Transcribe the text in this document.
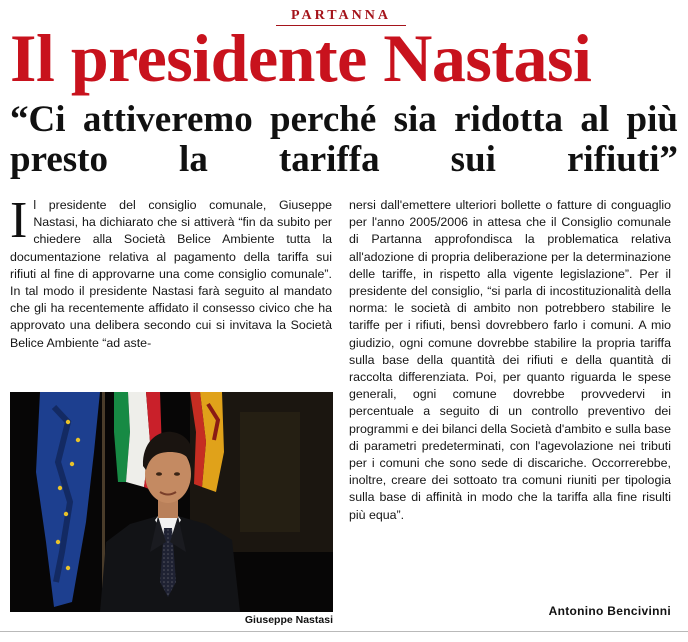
PARTANNA
Il presidente Nastasi
“Ci attiveremo perché sia ridotta al più presto la tariffa sui rifiuti”
I l presidente del consiglio comunale, Giuseppe Nastasi, ha dichiarato che si attiverà “fin da subito per chiedere alla Società Belice Ambiente tutta la documentazione relativa al pagamento della tariffa sui rifiuti al fine di approvarne una come consiglio comunale”. In tal modo il presidente Nastasi farà seguito al mandato che gli ha recentemente affidato il consesso civico che ha approvato una delibera secondo cui si invitava la Società Belice Ambiente “ad aste-

Giuseppe Nastasi

nersi dall'emettere ulteriori bollette o fatture di conguaglio per l'anno 2005/2006 in attesa che il Consiglio comunale di Partanna approfondisca la problematica relativa all'adozione di propria deliberazione per la determinazione delle tariffe, in rispetto alla vigente legislazione”. Per il presidente del consiglio, “si parla di incostituzionalità della norma: le società di ambito non potrebbero stabilire le tariffe per i rifiuti, bensì dovrebbero farlo i comuni. A mio giudizio, ogni comune dovrebbe stabilire la propria tariffa sulla base della quantità dei rifiuti e della quantità di raccolta differenziata. Poi, per quanto riguarda le spese generali, ogni comune dovrebbe provvedervi in percentuale a seguito di un controllo preventivo dei programmi e dei bilanci della Società d'ambito e sulla base di parametri predeterminati, con l'agevolazione nei tributi per i comuni che sono sede di discariche. Occorrerebbe, inoltre, creare dei sottoato tra comuni riuniti per tipologia sulla base di affinità in modo che la tariffa alla fine risulti più equa”.

Antonino Bencivinni
